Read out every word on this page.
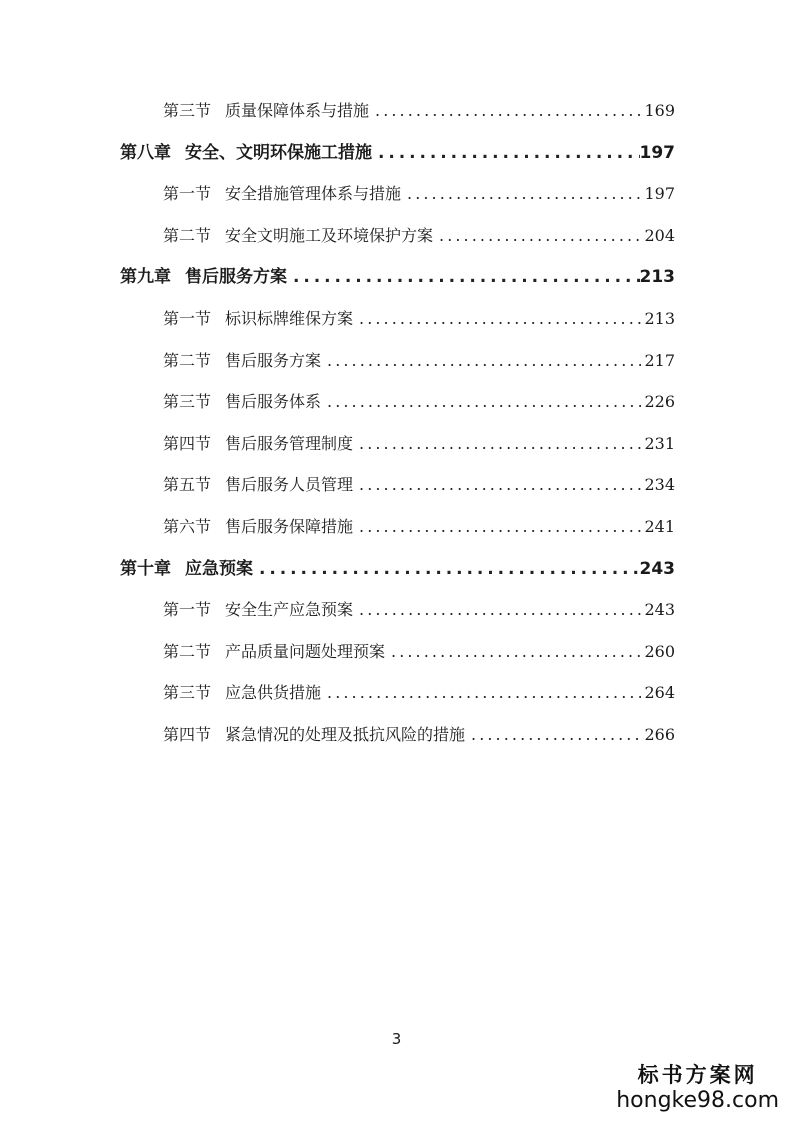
第三节 质量保障体系与措施 . . .	169
第八章 安全、文明环保施工措施 . . .	197
第一节 安全措施管理体系与措施 . . .	197
第二节 安全文明施工及环境保护方案 . . .	204
第九章 售后服务方案 . . .	213
第一节 标识标牌维保方案 . . .	213
第二节 售后服务方案 . . .	217
第三节 售后服务体系 . . .	226
第四节 售后服务管理制度 . . .	231
第五节 售后服务人员管理 . . .	234
第六节 售后服务保障措施 . . .	241
第十章 应急预案 . . .	243
第一节 安全生产应急预案 . . .	243
第二节 产品质量问题处理预案 . . .	260
第三节 应急供货措施 . . .	264
第四节 紧急情况的处理及抵抗风险的措施 . . .	266
3
标书方案网
hongke98.com
